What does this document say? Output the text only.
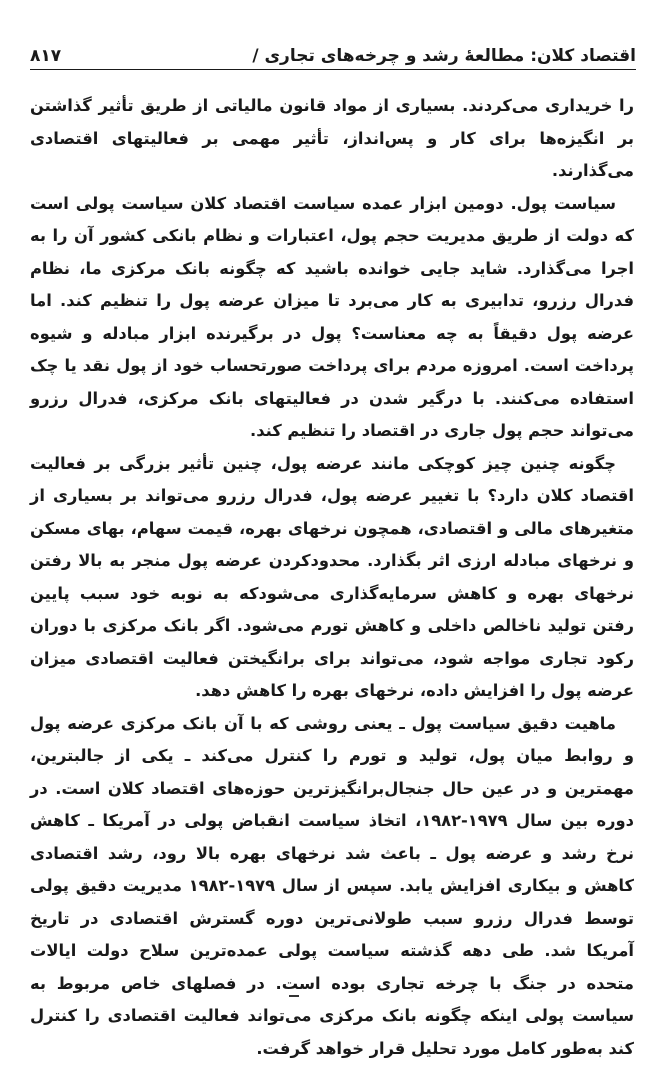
اقتصاد کلان: مطالعهٔ رشد و چرخه‌های تجاری /
۸۱۷

را خریداری می‌کردند. بسیاری از مواد قانون مالیاتی از طریق تأثیر گذاشتن بر انگیزه‌ها برای کار و پس‌انداز، تأثیر مهمی بر فعالیتهای اقتصادی می‌گذارند.

سیاست پول. دومین ابزار عمده سیاست اقتصاد کلان سیاست پولی است که دولت از طریق مدیریت حجم پول، اعتبارات و نظام بانکی کشور آن را به اجرا می‌گذارد. شاید جایی خوانده باشید که چگونه بانک مرکزی ما، نظام فدرال رزرو، تدابیری به کار می‌برد تا میزان عرضه پول را تنظیم کند. اما عرضه پول دقیقاً به چه معناست؟ پول در برگیرنده ابزار مبادله و شیوه پرداخت است. امروزه مردم برای پرداخت صورتحساب خود از پول نقد یا چک استفاده می‌کنند. با درگیر شدن در فعالیتهای بانک مرکزی، فدرال رزرو می‌تواند حجم پول جاری در اقتصاد را تنظیم کند.

چگونه چنین چیز کوچکی مانند عرضه پول، چنین تأثیر بزرگی بر فعالیت اقتصاد کلان دارد؟ با تغییر عرضه پول، فدرال رزرو می‌تواند بر بسیاری از متغیرهای مالی و اقتصادی، همچون نرخهای بهره، قیمت سهام، بهای مسکن و نرخهای مبادله ارزی اثر بگذارد. محدودکردن عرضه پول منجر به بالا رفتن نرخهای بهره و کاهش سرمایه‌گذاری می‌شودکه به نوبه خود سبب پایین رفتن تولید ناخالص داخلی و کاهش تورم می‌شود. اگر بانک مرکزی با دوران رکود تجاری مواجه شود، می‌تواند برای برانگیختن فعالیت اقتصادی میزان عرضه پول را افزایش داده، نرخهای بهره را کاهش دهد.

ماهیت دقیق سیاست پول ـ یعنی روشی که با آن بانک مرکزی عرضه پول و روابط میان پول، تولید و تورم را کنترل می‌کند ـ یکی از جالبترین، مهمترین و در عین حال جنجال‌برانگیزترین حوزه‌های اقتصاد کلان است. در دوره بین سال ۱۹۷۹-۱۹۸۲، اتخاذ سیاست انقباض پولی در آمریکا ـ کاهش نرخ رشد و عرضه پول ـ باعث شد نرخهای بهره بالا رود، رشد اقتصادی کاهش و بیکاری افزایش یابد. سپس از سال ۱۹۷۹-۱۹۸۲ مدیریت دقیق پولی توسط فدرال رزرو سبب طولانی‌ترین دوره گسترش اقتصادی در تاریخ آمریکا شد. طی دهه گذشته سیاست پولی عمده‌ترین سلاح دولت ایالات متحده در جنگ با چرخه تجاری بوده است. در فصلهای خاص مربوط به سیاست پولی اینکه چگونه بانک مرکزی می‌تواند فعالیت اقتصادی را کنترل کند به‌طور کامل مورد تحلیل قرار خواهد گرفت.
